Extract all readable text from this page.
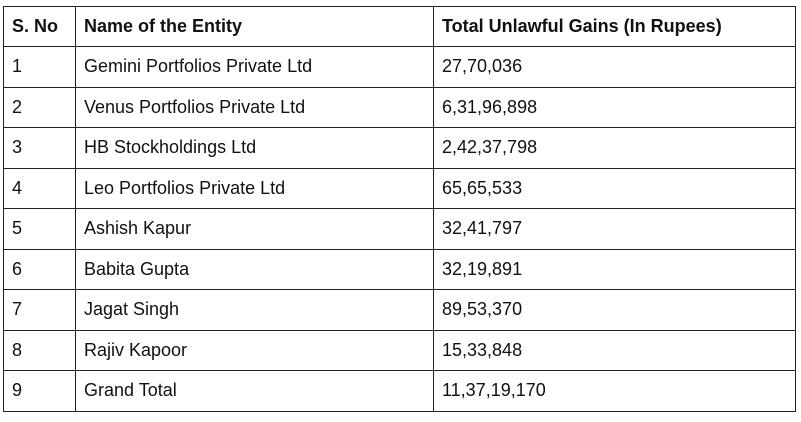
S. No	Name of the Entity	Total Unlawful Gains (In Rupees)
1	Gemini Portfolios Private Ltd	27,70,036
2	Venus Portfolios Private Ltd	6,31,96,898
3	HB Stockholdings Ltd	2,42,37,798
4	Leo Portfolios Private Ltd	65,65,533
5	Ashish Kapur	32,41,797
6	Babita Gupta	32,19,891
7	Jagat Singh	89,53,370
8	Rajiv Kapoor	15,33,848
9	Grand Total	11,37,19,170
